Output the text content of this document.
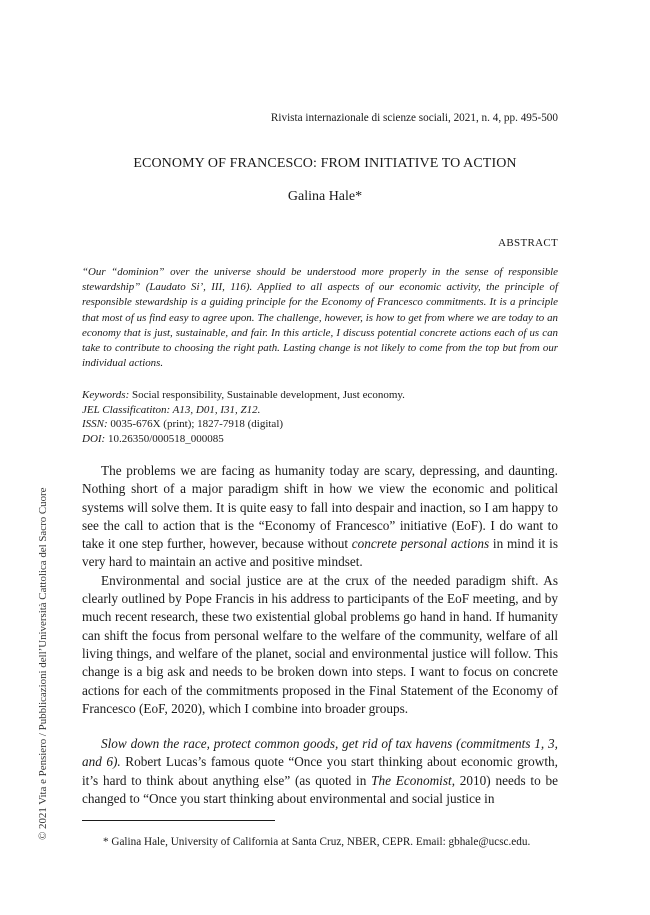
Rivista internazionale di scienze sociali, 2021, n. 4, pp. 495-500
ECONOMY OF FRANCESCO: FROM INITIATIVE TO ACTION
Galina Hale*
ABSTRACT
“Our “dominion” over the universe should be understood more properly in the sense of responsible stewardship” (Laudato Si’, III, 116). Applied to all aspects of our economic activity, the principle of responsible stewardship is a guiding principle for the Economy of Francesco commitments. It is a principle that most of us find easy to agree upon. The challenge, however, is how to get from where we are today to an economy that is just, sustainable, and fair. In this article, I discuss potential concrete actions each of us can take to contribute to choosing the right path. Lasting change is not likely to come from the top but from our individual actions.
Keywords: Social responsibility, Sustainable development, Just economy.
JEL Classificatiton: A13, D01, I31, Z12.
ISSN: 0035-676X (print); 1827-7918 (digital)
DOI: 10.26350/000518_000085

The problems we are facing as humanity today are scary, depressing, and daunting. Nothing short of a major paradigm shift in how we view the economic and political systems will solve them. It is quite easy to fall into despair and inaction, so I am happy to see the call to action that is the “Economy of Francesco” initiative (EoF). I do want to take it one step further, however, because without concrete personal actions in mind it is very hard to maintain an active and positive mindset.

Environmental and social justice are at the crux of the needed paradigm shift. As clearly outlined by Pope Francis in his address to participants of the EoF meeting, and by much recent research, these two existential global problems go hand in hand. If humanity can shift the focus from personal welfare to the welfare of the community, welfare of all living things, and welfare of the planet, social and environmental justice will follow. This change is a big ask and needs to be broken down into steps. I want to focus on concrete actions for each of the commitments proposed in the Final Statement of the Economy of Francesco (EoF, 2020), which I combine into broader groups.

Slow down the race, protect common goods, get rid of tax havens (commitments 1, 3, and 6). Robert Lucas’s famous quote “Once you start thinking about economic growth, it’s hard to think about anything else” (as quoted in The Economist, 2010) needs to be changed to “Once you start thinking about environmental and social justice in

* Galina Hale, University of California at Santa Cruz, NBER, CEPR. Email: gbhale@ucsc.edu.
© 2021 Vita e Pensiero / Pubblicazioni dell’Università Cattolica del Sacro Cuore
